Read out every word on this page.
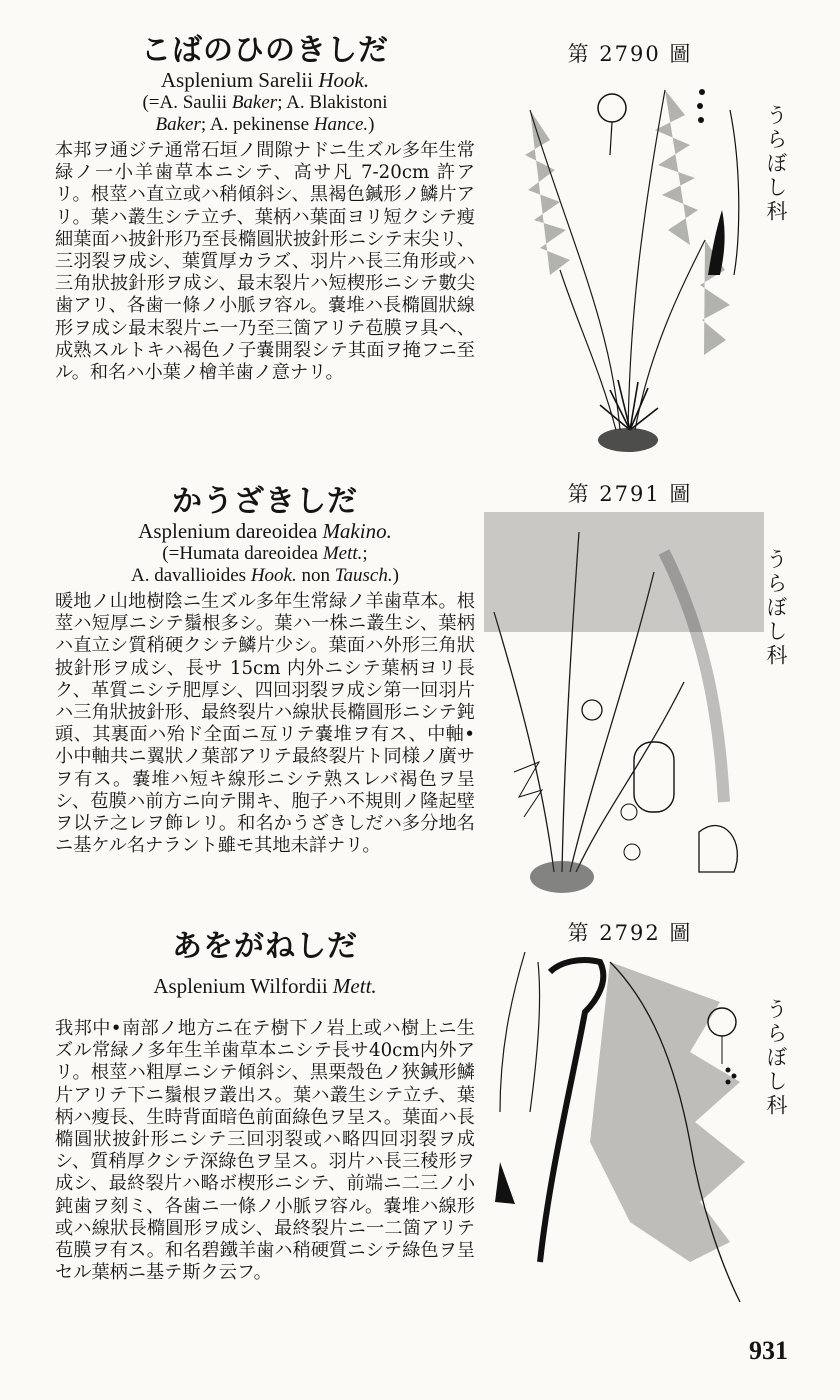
こばのひのきしだ
Asplenium Sarelii Hook.
(=A. Saulii Baker; A. Blakistoni
Baker; A. pekinense Hance.)
本邦ヲ通ジテ通常石垣ノ間隙ナドニ生ズル多年生常緑ノ一小羊歯草本ニシテ、高サ凡 7-20cm 許アリ。根莖ハ直立或ハ稍傾斜シ、黒褐色鍼形ノ鱗片アリ。葉ハ叢生シテ立チ、葉柄ハ葉面ヨリ短クシテ瘦細葉面ハ披針形乃至長橢圓狀披針形ニシテ末尖リ、三羽裂ヲ成シ、葉質厚カラズ、羽片ハ長三角形或ハ三角狀披針形ヲ成シ、最末裂片ハ短楔形ニシテ數尖歯アリ、各歯一條ノ小脈ヲ容ル。嚢堆ハ長橢圓狀線形ヲ成シ最末裂片ニ一乃至三箇アリテ苞膜ヲ具ヘ、成熟スルトキハ褐色ノ子嚢開裂シテ其面ヲ掩フニ至ル。和名ハ小葉ノ檜羊歯ノ意ナリ。
かうざきしだ
Asplenium dareoidea Makino.
(=Humata dareoidea Mett.;
A. davallioides Hook. non Tausch.)
暖地ノ山地樹陰ニ生ズル多年生常緑ノ羊歯草本。根莖ハ短厚ニシテ鬚根多シ。葉ハ一株ニ叢生シ、葉柄ハ直立シ質稍硬クシテ鱗片少シ。葉面ハ外形三角狀披針形ヲ成シ、長サ 15cm 内外ニシテ葉柄ヨリ長ク、革質ニシテ肥厚シ、四回羽裂ヲ成シ第一回羽片ハ三角狀披針形、最終裂片ハ線狀長橢圓形ニシテ鈍頭、其裏面ハ殆ド全面ニ亙リテ嚢堆ヲ有ス、中軸•小中軸共ニ翼狀ノ葉部アリテ最終裂片ト同様ノ廣サヲ有ス。嚢堆ハ短キ線形ニシテ熟スレバ褐色ヲ呈シ、苞膜ハ前方ニ向テ開キ、胞子ハ不規則ノ隆起壁ヲ以テ之レヲ飾レリ。和名かうざきしだハ多分地名ニ基ケル名ナラント雖モ其地未詳ナリ。
あをがねしだ
Asplenium Wilfordii Mett.
我邦中•南部ノ地方ニ在テ樹下ノ岩上或ハ樹上ニ生ズル常緑ノ多年生羊歯草本ニシテ長サ40cm内外アリ。根莖ハ粗厚ニシテ傾斜シ、黒栗殼色ノ狹鍼形鱗片アリテ下ニ鬚根ヲ叢出ス。葉ハ叢生シテ立チ、葉柄ハ瘦長、生時背面暗色前面綠色ヲ呈ス。葉面ハ長橢圓狀披針形ニシテ三回羽裂或ハ略四回羽裂ヲ成シ、質稍厚クシテ深綠色ヲ呈ス。羽片ハ長三稜形ヲ成シ、最終裂片ハ略ボ楔形ニシテ、前端ニ二三ノ小鈍歯ヲ刻ミ、各歯ニ一條ノ小脈ヲ容ル。嚢堆ハ線形或ハ線狀長橢圓形ヲ成シ、最終裂片ニ一二箇アリテ苞膜ヲ有ス。和名碧鐵羊歯ハ稍硬質ニシテ綠色ヲ呈セル葉柄ニ基テ斯ク云フ。
第 2790 圖
第 2791 圖
第 2792 圖
うらぼし科
うらぼし科
うらぼし科
931
